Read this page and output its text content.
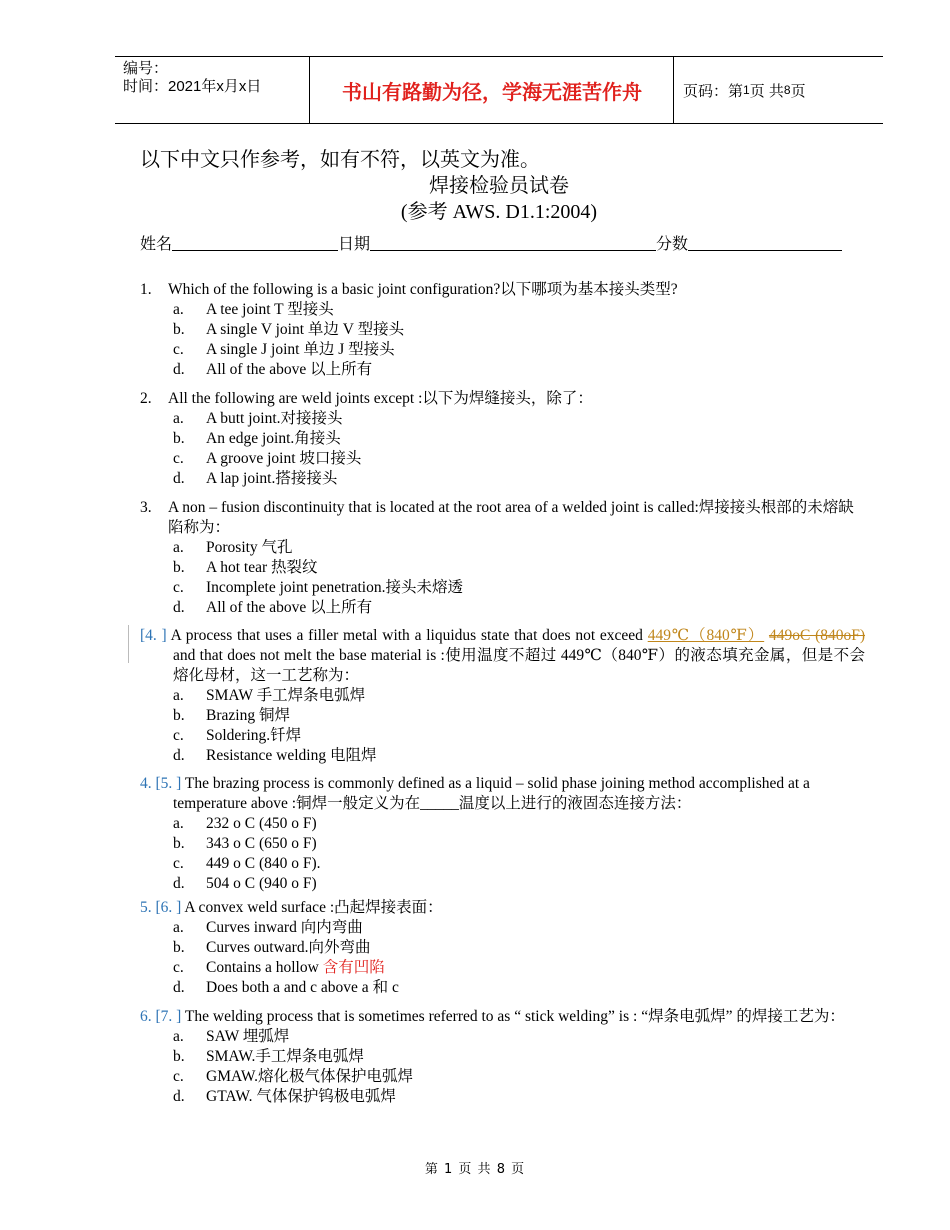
编号：
时间：2021年x月x日	书山有路勤为径，学海无涯苦作舟	页码：第 1 页 共 8 页
以下中文只作参考，如有不符，以英文为准。
焊接检验员试卷
(参考 AWS. D1.1:2004)
姓名	日期	分数
1. Which of the following is a basic joint configuration?以下哪项为基本接头类型?
a. A tee joint T 型接头
b. A single V joint 单边 V 型接头
c. A single J joint 单边 J 型接头
d. All of the above 以上所有
2. All the following are weld joints except :以下为焊缝接头，除了：
a. A butt joint.对接接头
b. An edge joint.角接头
c. A groove joint 坡口接头
d. A lap joint.搭接接头
3. A non – fusion discontinuity that is located at the root area of a welded joint is called:焊接接头根部的未熔缺陷称为：
a. Porosity 气孔
b. A hot tear 热裂纹
c. Incomplete joint penetration.接头未熔透
d. All of the above 以上所有
[4. ] A process that uses a filler metal with a liquidus state that does not exceed 449℃（840℉） 449oC (840oF) and that does not melt the base material is :使用温度不超过 449℃（840℉）的液态填充金属，但是不会熔化母材，这一工艺称为：
a. SMAW 手工焊条电弧焊
b. Brazing 铜焊
c. Soldering.钎焊
d. Resistance welding 电阻焊
4. [5. ] The brazing process is commonly defined as a liquid – solid phase joining method accomplished at a temperature above :铜焊一般定义为在_____温度以上进行的液固态连接方法：
a. 232 o C (450 o F)
b. 343 o C (650 o F)
c. 449 o C (840 o F).
d. 504 o C (940 o F)
5. [6. ] A convex weld surface :凸起焊接表面：
a. Curves inward 向内弯曲
b. Curves outward.向外弯曲
c. Contains a hollow 含有凹陷
d. Does both a and c above a 和 c
6. [7. ] The welding process that is sometimes referred to as “ stick welding” is : “焊条电弧焊” 的焊接工艺为：
a. SAW 埋弧焊
b. SMAW.手工焊条电弧焊
c. GMAW.熔化极气体保护电弧焊
d. GTAW. 气体保护钨极电弧焊
第 1 页 共 8 页
